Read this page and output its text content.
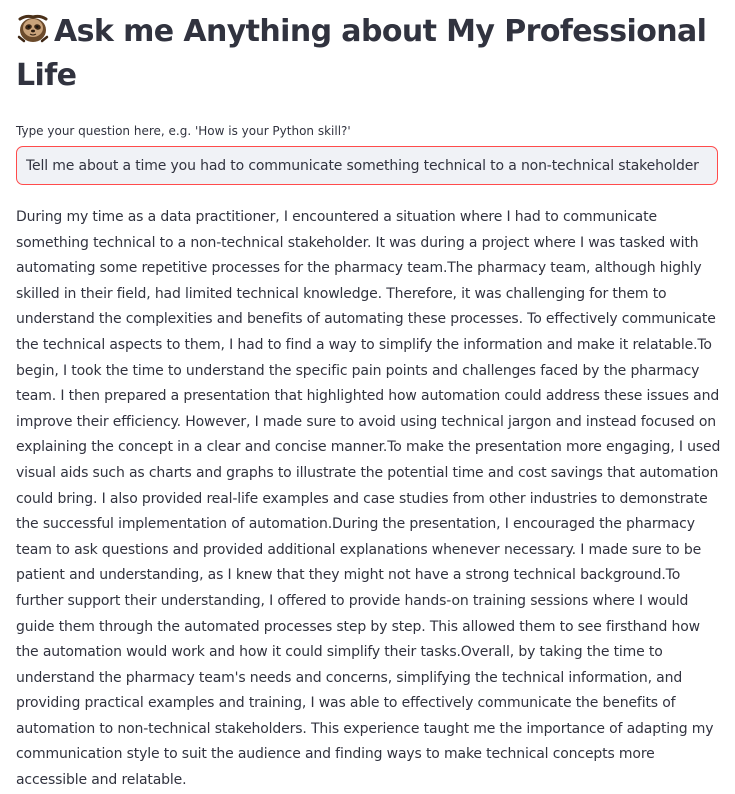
Ask me Anything about My Professional Life
Type your question here, e.g. 'How is your Python skill?'
Tell me about a time you had to communicate something technical to a non-technical stakeholder
During my time as a data practitioner, I encountered a situation where I had to communicate something technical to a non-technical stakeholder. It was during a project where I was tasked with automating some repetitive processes for the pharmacy team.The pharmacy team, although highly skilled in their field, had limited technical knowledge. Therefore, it was challenging for them to understand the complexities and benefits of automating these processes. To effectively communicate the technical aspects to them, I had to find a way to simplify the information and make it relatable.To begin, I took the time to understand the specific pain points and challenges faced by the pharmacy team. I then prepared a presentation that highlighted how automation could address these issues and improve their efficiency. However, I made sure to avoid using technical jargon and instead focused on explaining the concept in a clear and concise manner.To make the presentation more engaging, I used visual aids such as charts and graphs to illustrate the potential time and cost savings that automation could bring. I also provided real-life examples and case studies from other industries to demonstrate the successful implementation of automation.During the presentation, I encouraged the pharmacy team to ask questions and provided additional explanations whenever necessary. I made sure to be patient and understanding, as I knew that they might not have a strong technical background.To further support their understanding, I offered to provide hands-on training sessions where I would guide them through the automated processes step by step. This allowed them to see firsthand how the automation would work and how it could simplify their tasks.Overall, by taking the time to understand the pharmacy team's needs and concerns, simplifying the technical information, and providing practical examples and training, I was able to effectively communicate the benefits of automation to non-technical stakeholders. This experience taught me the importance of adapting my communication style to suit the audience and finding ways to make technical concepts more accessible and relatable.
